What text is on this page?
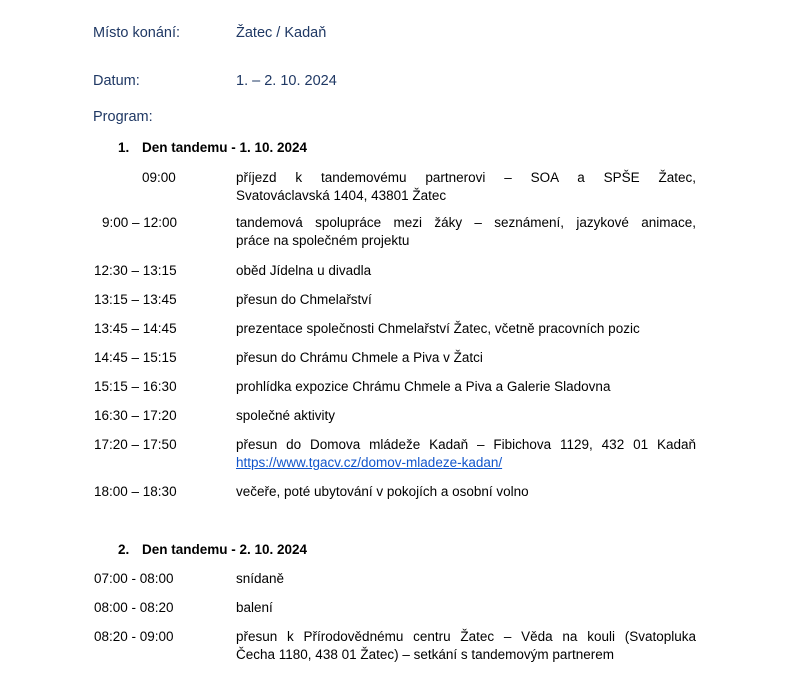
Místo konání:	Žatec / Kadaň
Datum:	1. – 2. 10. 2024
Program:
1. Den tandemu - 1. 10. 2024
09:00	příjezd k tandemovému partnerovi – SOA a SPŠE Žatec,
Svatováclavská 1404, 43801 Žatec
9:00 – 12:00	tandemová spolupráce mezi žáky – seznámení, jazykové animace,
práce na společném projektu
12:30 – 13:15	oběd Jídelna u divadla
13:15 – 13:45	přesun do Chmelařství
13:45 – 14:45	prezentace společnosti Chmelařství Žatec, včetně pracovních pozic
14:45 – 15:15	přesun do Chrámu Chmele a Piva v Žatci
15:15 – 16:30	prohlídka expozice Chrámu Chmele a Piva a Galerie Sladovna
16:30 – 17:20	společné aktivity
17:20 – 17:50	přesun do Domova mládeže Kadaň – Fibichova 1129, 432 01 Kadaň
https://www.tgacv.cz/domov-mladeze-kadan/
18:00 – 18:30	večeře, poté ubytování v pokojích a osobní volno
2. Den tandemu - 2. 10. 2024
07:00 - 08:00	snídaně
08:00 - 08:20	balení
08:20 - 09:00	přesun k Přírodovědnému centru Žatec – Věda na kouli (Svatopluka
Čecha 1180, 438 01 Žatec) – setkání s tandemovým partnerem
